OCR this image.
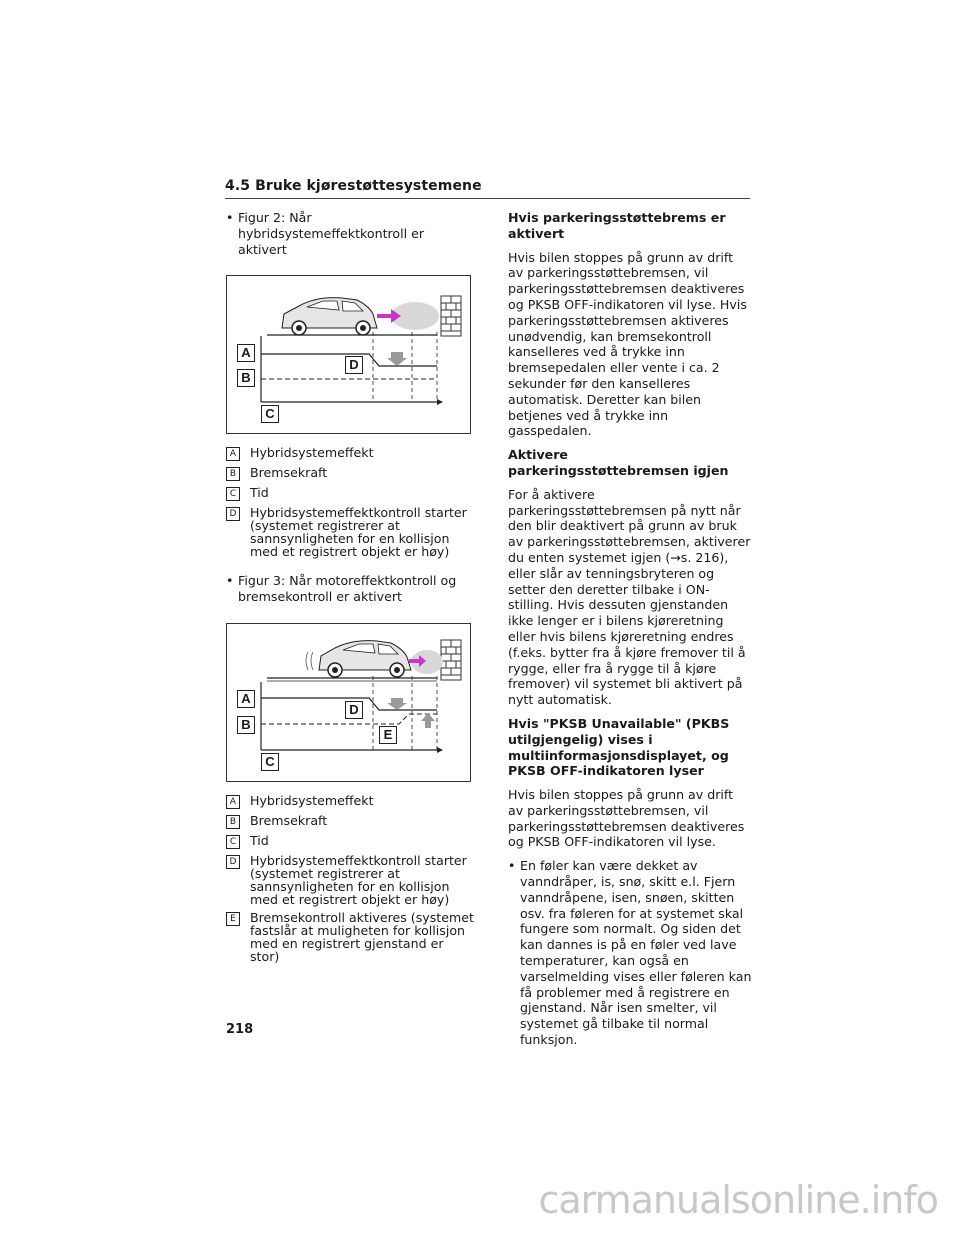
4.5 Bruke kjørestøttesystemene
• Figur 2: Når hybridsystemeffektkontroll er aktivert
A
B
C
D
A	Hybridsystemeffekt
B	Bremsekraft
C	Tid
D Hybridsystemeffektkontroll starter (systemet registrerer at sannsynligheten for en kollisjon med et registrert objekt er høy)
• Figur 3: Når motoreffektkontroll og bremsekontroll er aktivert
A
B
C
D
E
A	Hybridsystemeffekt
B	Bremsekraft
C	Tid
D Hybridsystemeffektkontroll starter (systemet registrerer at sannsynligheten for en kollisjon med et registrert objekt er høy)
E	Bremsekontroll aktiveres (systemet fastslår at muligheten for kollisjon med en registrert gjenstand er stor)
Hvis parkeringsstøttebrems er aktivert
Hvis bilen stoppes på grunn av drift av parkeringsstøttebremsen, vil parkeringsstøttebremsen deaktiveres og PKSB OFF-indikatoren vil lyse. Hvis parkeringsstøttebremsen aktiveres unødvendig, kan bremsekontroll kanselleres ved å trykke inn bremsepedalen eller vente i ca. 2 sekunder før den kanselleres automatisk. Deretter kan bilen betjenes ved å trykke inn gasspedalen.
Aktivere parkeringsstøttebremsen igjen
For å aktivere parkeringsstøttebremsen på nytt når den blir deaktivert på grunn av bruk av parkeringsstøttebremsen, aktiverer du enten systemet igjen (→s. 216), eller slår av tenningsbryteren og setter den deretter tilbake i ON-stilling. Hvis dessuten gjenstanden ikke lenger er i bilens kjøreretning eller hvis bilens kjøreretning endres (f.eks. bytter fra å kjøre fremover til å rygge, eller fra å rygge til å kjøre fremover) vil systemet bli aktivert på nytt automatisk.
Hvis "PKSB Unavailable" (PKBS utilgjengelig) vises i multiinformasjonsdisplayet, og PKSB OFF-indikatoren lyser
Hvis bilen stoppes på grunn av drift av parkeringsstøttebremsen, vil parkeringsstøttebremsen deaktiveres og PKSB OFF-indikatoren vil lyse.
• En føler kan være dekket av vanndråper, is, snø, skitt e.l. Fjern vanndråpene, isen, snøen, skitten osv. fra føleren for at systemet skal fungere som normalt. Og siden det kan dannes is på en føler ved lave temperaturer, kan også en varselmelding vises eller føleren kan få problemer med å registrere en gjenstand. Når isen smelter, vil systemet gå tilbake til normal funksjon.
218
carmanualsonline.info
